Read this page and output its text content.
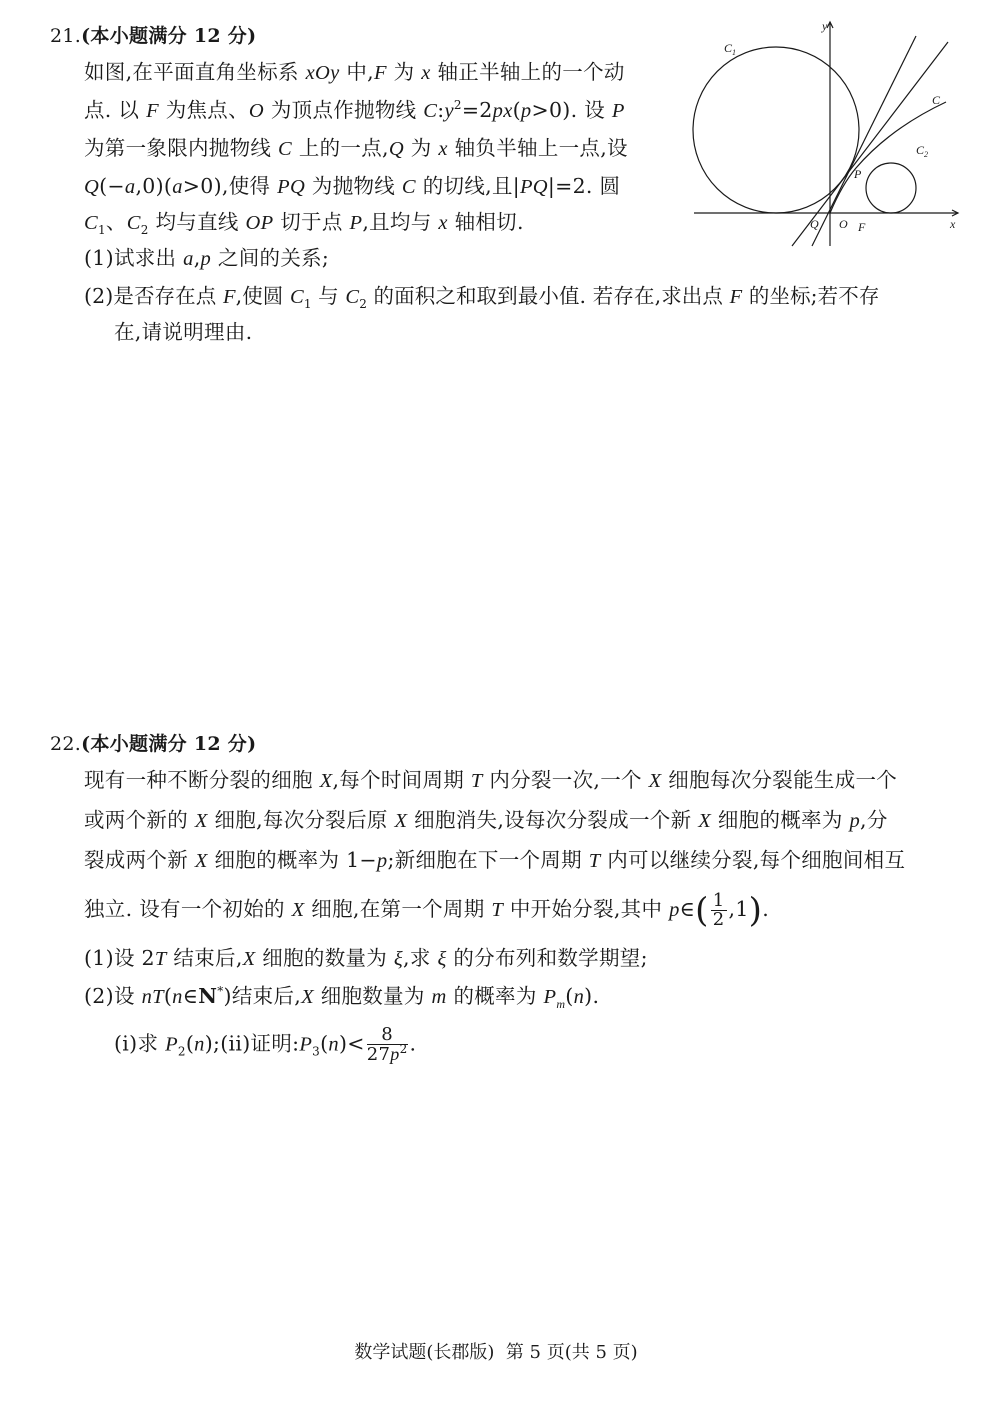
21.(本小题满分 12 分)
如图,在平面直角坐标系 xOy 中,F 为 x 轴正半轴上的一个动
点. 以 F 为焦点、O 为顶点作抛物线 $C:y^2=2px(p>0)$. 设 P
为第一象限内抛物线 C 上的一点,Q 为 x 轴负半轴上一点,设
Q(−a,0)(a>0),使得 PQ 为抛物线 C 的切线,且|PQ|=2. 圆
$C_1$、$C_2$ 均与直线 OP 切于点 P,且均与 x 轴相切.
(1)试求出 a,p 之间的关系;
(2)是否存在点 F,使圆 $C_1$ 与 $C_2$ 的面积之和取到最小值. 若存在,求出点 F 的坐标;若不存
在,请说明理由.
y
x
$C_1$
C
$C_2$
P
Q O F
22.(本小题满分 12 分)
现有一种不断分裂的细胞 X,每个时间周期 T 内分裂一次,一个 X 细胞每次分裂能生成一个
或两个新的 X 细胞,每次分裂后原 X 细胞消失,设每次分裂成一个新 X 细胞的概率为 p,分
裂成两个新 X 细胞的概率为 1−p;新细胞在下一个周期 T 内可以继续分裂,每个细胞间相互
独立. 设有一个初始的 X 细胞,在第一个周期 T 中开始分裂,其中 p∈( $\frac{1}{2} ,1$).
(1)设 2T 结束后,X 细胞的数量为 ξ,求 ξ 的分布列和数学期望;
(2)设 nT(n∈N*)结束后,X 细胞数量为 m 的概率为 $P_m(n)$.
(i)求 $P_2(n);(ii)$证明$:P_3(n)< \frac{8}{27p^2}$ .
数学试题(长郡版)  第 5 页(共 5 页)
